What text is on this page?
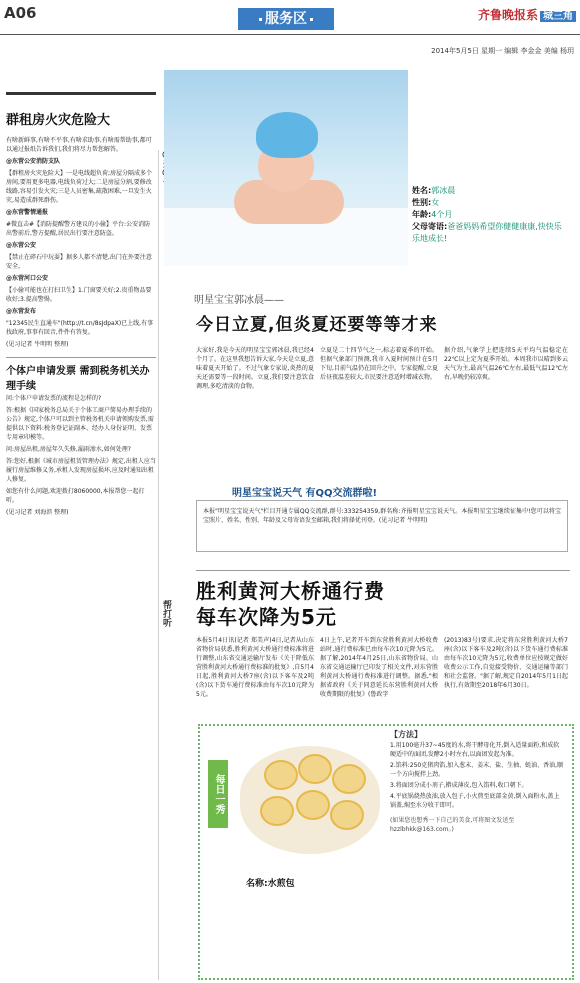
A06	服务区	齐鲁晚报系 城三角
2014年5月5日 星期一 编辑 李金金 美编 杨玥
群租房火灾危险大

有啥新鲜事,有啥不平事,有啥求助事,有啥需帮助事,都可以通过报纸告诉我们,我们将尽力帮您解答。

@东营公安消防支队

【群租房火灾危险大】一是电线超负荷;房屋分隔成多个房间,要用更多电器,电线负荷过大;二是房屋分割,要修改线路,容易引发火灾;三是人员密集,疏散困难,一旦发生火灾,易造成群死群伤。

@东营警情通报

#微直击#【消防提醒警方建议的小偷】平台:公安消防出警前后,警方提醒,居民出行要注意防盗。

@东营公安

【禁止在碎石中玩耍】据多人都不清楚,出门在外要注意安全。

@东营河口公安

【小偷可能也在打扫卫生】1.门窗要关好;2.贵重物品要收好;3.提高警惕。

@东营发布

"12345民生直通车"(http://t.cn/8sJdpaX)已上线,有事找政府,事事有回音,件件有答复。

(见习记者 牛明明 整理)

个体户申请发票 需到税务机关办理手续

问:个体户申请发票的流程是怎样的?

答:根据《国家税务总局关于个体工商户简易办理手续的公告》规定,个体户可以到主管税务机关申请领购发票,需提供以下资料:税务登记证副本、经办人身份证明、发票专用章印模等。

问:房屋出租,房屋年久失修,漏雨渗水,如何处理?

答:您好,根据《城市房屋租赁管理办法》规定,出租人应当履行房屋维修义务,承租人发现房屋损坏,应及时通知出租人修复。

如您有什么问题,欢迎拨打8060000,本报帮您一起打听。

(见习记者 刘海滨 整理)

帮打听
姓名:郭冰晨
性别:女
年龄:4个月
父母寄语:爸爸妈妈希望你健健康康,快快乐乐地成长!
明星宝宝郭冰晨——
今日立夏,但炎夏还要等等才来
大家好,我是今天的明星宝宝郭冰晨,我已经4个月了。在这里我想告诉大家,今天是立夏,意味着夏天开始了。不过气象专家说,炎热的夏天还需要等一段时间。立夏,我们要注意饮食调理,多吃清淡的食物。
立夏是二十四节气之一,标志着夏季的开始。但据气象部门预测,我市入夏时间预计在5月下旬,目前气温仍在回升之中。专家提醒,立夏后昼夜温差较大,市民要注意适时增减衣物。
据介绍,气象学上把连续5天平均气温稳定在22℃以上定为夏季开始。本周我市以晴到多云天气为主,最高气温26℃左右,最低气温12℃左右,早晚仍较凉爽。
明星宝宝说天气 有QQ交流群啦!
本报"明星宝宝说天气"栏目开通专属QQ交流群,群号:333254359,群名称:齐报明星宝宝说天气。本报明星宝宝继续征集中!您可以将宝宝照片、姓名、性别、年龄及父母寄语发至邮箱,我们将择优刊登。(见习记者 牛明明)
胜利黄河大桥通行费
每车次降为5元
本报5月4日讯(记者 郑美声)4日,记者从山东省物价局获悉,胜利黄河大桥通行费标准将进行调整,山东省交通运输厅发布《关于降低东营胜利黄河大桥通行费标准的批复》,自5月4日起,胜利黄河大桥7座(含)以下客车及2吨(含)以下货车通行费标准由每车次10元降为5元。
4日上午,记者开车到东营胜利黄河大桥收费站时,通行费标准已由每车次10元降为5元。据了解,2014年4月25日,山东省物价局、山东省交通运输厅已印发了相关文件,对东营胜利黄河大桥通行费标准进行调整。据悉,"根据省政府《关于同意延长东营胜利黄河大桥收费期限的批复》(鲁政字
(2013)83号)要求,决定将东营胜利黄河大桥7座(含)以下客车及2吨(含)以下货车通行费标准由每车次10元降为5元,收费单位应按规定做好收费公示工作,自觉接受物价、交通运输等部门和社会监督。"据了解,规定自2014年5月1日起执行,有效期至2018年6月30日。
每日一秀
名称:水煎包
【方法】

1.用100毫升37~45度的水,将干酵母化开,倒入适量面粉,和成软硬适中的面团,发酵2小时左右,以面团发起为准。

2.馅料:250克猪肉馅,加入葱末、姜末、盐、生抽、蚝油、香油,顺一个方向搅拌上劲。

3.将面团分成小剂子,擀成薄皮,包入馅料,收口朝下。

4.平底锅烧热放油,放入包子,小火煎至底部金黄,倒入面粉水,盖上锅盖,焖至水分收干即可。

(如果您也想秀一下自己的美食,可将图文发送至hzzlbhkk@163.com。)
